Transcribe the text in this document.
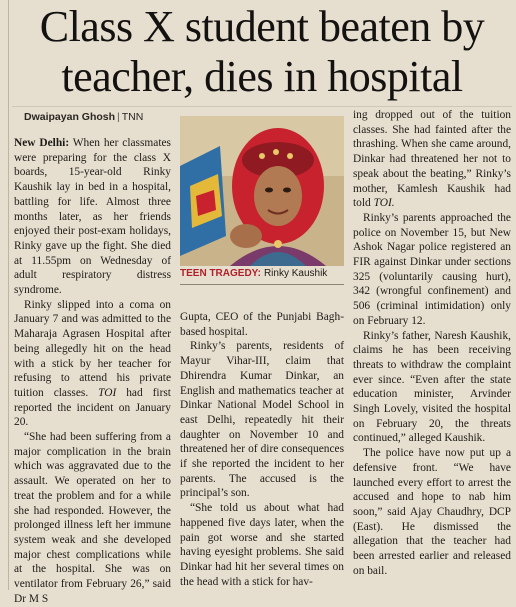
Class X student beaten by teacher, dies in hospital
Dwaipayan Ghosh | TNN

New Delhi: When her classmates were preparing for the class X boards, 15-year-old Rinky Kaushik lay in bed in a hospital, battling for life. Almost three months later, as her friends enjoyed their post-exam holidays, Rinky gave up the fight. She died at 11.55pm on Wednesday of adult respiratory distress syndrome.

Rinky slipped into a coma on January 7 and was admitted to the Maharaja Agrasen Hospital after being allegedly hit on the head with a stick by her teacher for refusing to attend his private tuition classes. TOI had first reported the incident on January 20.

“She had been suffering from a major complication in the brain which was aggravated due to the assault. We operated on her to treat the problem and for a while she had responded. However, the prolonged illness left her immune system weak and she developed major chest complications while at the hospital. She was on ventilator from February 26,” said Dr M S

TEEN TRAGEDY: Rinky Kaushik

Gupta, CEO of the Punjabi Bagh-based hospital.

Rinky’s parents, residents of Mayur Vihar-III, claim that Dhirendra Kumar Dinkar, an English and mathematics teacher at Dinkar National Model School in east Delhi, repeatedly hit their daughter on November 10 and threatened her of dire consequences if she reported the incident to her parents. The accused is the principal’s son.

“She told us about what had happened five days later, when the pain got worse and she started having eyesight problems. She said Dinkar had hit her several times on the head with a stick for hav-

ing dropped out of the tuition classes. She had fainted after the thrashing. When she came around, Dinkar had threatened her not to speak about the beating,” Rinky’s mother, Kamlesh Kaushik had told TOI.

Rinky’s parents approached the police on November 15, but New Ashok Nagar police registered an FIR against Dinkar under sections 325 (voluntarily causing hurt), 342 (wrongful confinement) and 506 (criminal intimidation) only on February 12.

Rinky’s father, Naresh Kaushik, claims he has been receiving threats to withdraw the complaint ever since. “Even after the state education minister, Arvinder Singh Lovely, visited the hospital on February 20, the threats continued,” alleged Kaushik.

The police have now put up a defensive front. “We have launched every effort to arrest the accused and hope to nab him soon,” said Ajay Chaudhry, DCP (East). He dismissed the allegation that the teacher had been arrested earlier and released on bail.
